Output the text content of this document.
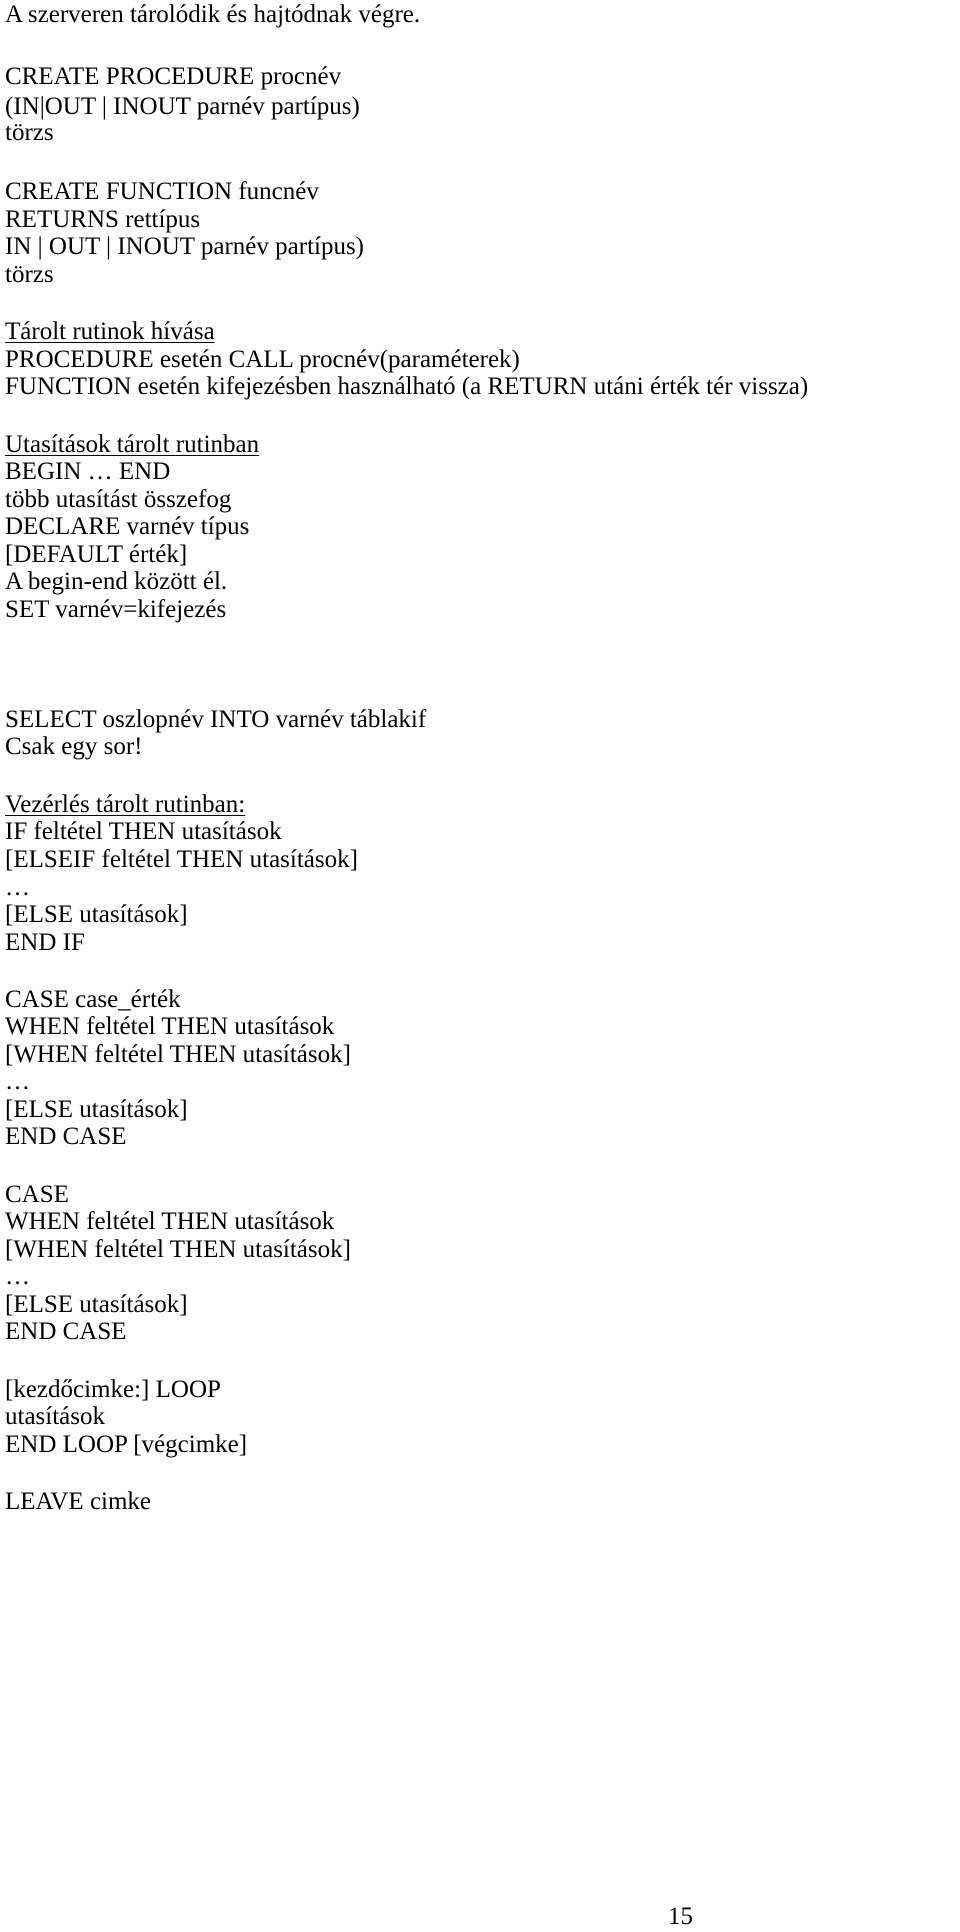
A szerveren tárolódik és hajtódnak végre.
CREATE PROCEDURE procnév
(IN|OUT | INOUT parnév partípus)
törzs
CREATE FUNCTION funcnév
RETURNS rettípus
IN | OUT | INOUT parnév partípus)
törzs
Tárolt rutinok hívása
PROCEDURE esetén CALL procnév(paraméterek)
FUNCTION esetén kifejezésben használható (a RETURN utáni érték tér vissza)
Utasítások tárolt rutinban
BEGIN … END
több utasítást összefog
DECLARE varnév típus
[DEFAULT érték]
A begin-end között él.
SET varnév=kifejezés
SELECT oszlopnév INTO varnév táblakif
Csak egy sor!
Vezérlés tárolt rutinban:
IF feltétel THEN utasítások
[ELSEIF feltétel THEN utasítások]
…
[ELSE utasítások]
END IF
CASE case_érték
WHEN feltétel THEN utasítások
[WHEN feltétel THEN utasítások]
…
[ELSE utasítások]
END CASE
CASE
WHEN feltétel THEN utasítások
[WHEN feltétel THEN utasítások]
…
[ELSE utasítások]
END CASE
[kezdőcimke:] LOOP
utasítások
END LOOP [végcimke]
LEAVE cimke
15
